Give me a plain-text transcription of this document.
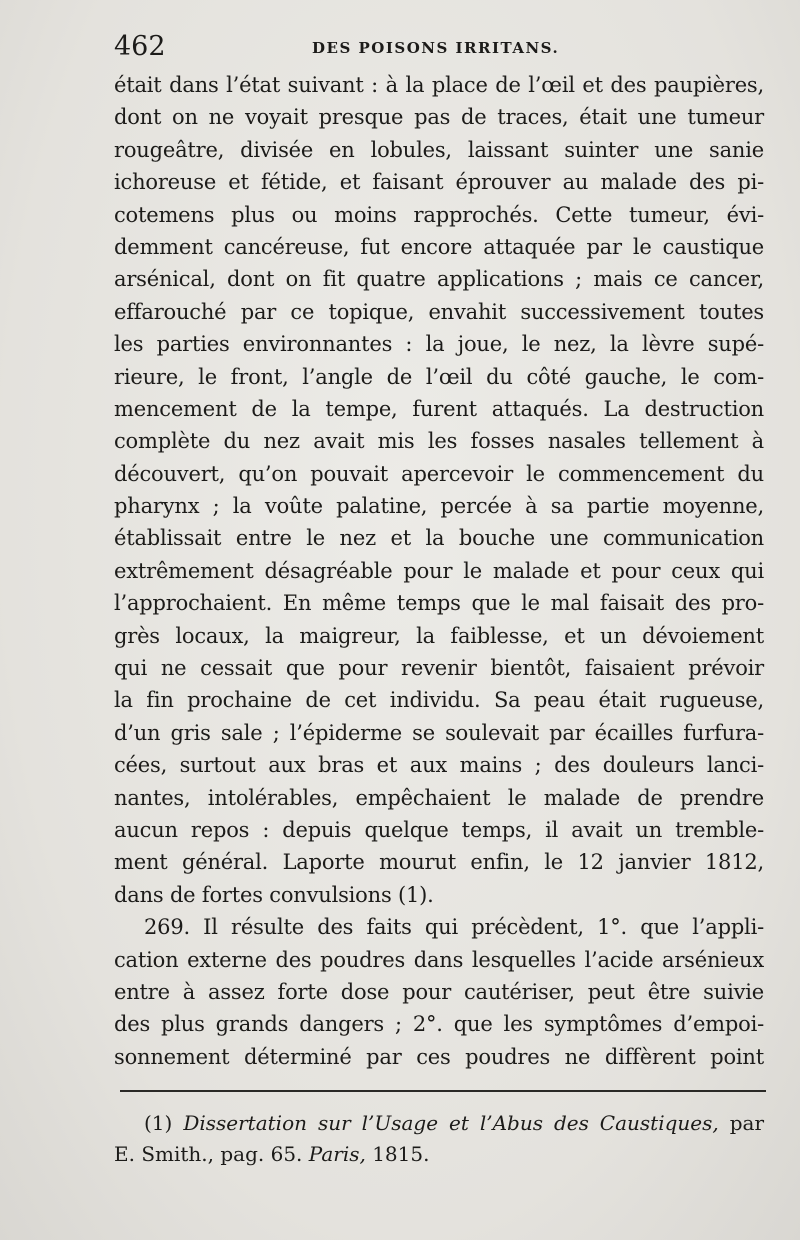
462	DES POISONS IRRITANS.
était dans l’état suivant : à la place de l’œil et des paupières,
dont on ne voyait presque pas de traces, était une tumeur
rougeâtre, divisée en lobules, laissant suinter une sanie
ichoreuse et fétide, et faisant éprouver au malade des pi-
cotemens plus ou moins rapprochés. Cette tumeur, évi-
demment cancéreuse, fut encore attaquée par le caustique
arsénical, dont on fit quatre applications ; mais ce cancer,
effarouché par ce topique, envahit successivement toutes
les parties environnantes : la joue, le nez, la lèvre supé-
rieure, le front, l’angle de l’œil du côté gauche, le com-
mencement de la tempe, furent attaqués. La destruction
complète du nez avait mis les fosses nasales tellement à
découvert, qu’on pouvait apercevoir le commencement du
pharynx ; la voûte palatine, percée à sa partie moyenne,
établissait entre le nez et la bouche une communication
extrêmement désagréable pour le malade et pour ceux qui
l’approchaient. En même temps que le mal faisait des pro-
grès locaux, la maigreur, la faiblesse, et un dévoiement
qui ne cessait que pour revenir bientôt, faisaient prévoir
la fin prochaine de cet individu. Sa peau était rugueuse,
d’un gris sale ; l’épiderme se soulevait par écailles furfura-
cées, surtout aux bras et aux mains ; des douleurs lanci-
nantes, intolérables, empêchaient le malade de prendre
aucun repos : depuis quelque temps, il avait un tremble-
ment général. Laporte mourut enfin, le 12 janvier 1812,
dans de fortes convulsions (1).
269. Il résulte des faits qui précèdent, 1°. que l’appli-
cation externe des poudres dans lesquelles l’acide arsénieux
entre à assez forte dose pour cautériser, peut être suivie
des plus grands dangers ; 2°. que les symptômes d’empoi-
sonnement déterminé par ces poudres ne diffèrent point
(1) Dissertation sur l’Usage et l’Abus des Caustiques, par
E. Smith., pag. 65. Paris, 1815.
